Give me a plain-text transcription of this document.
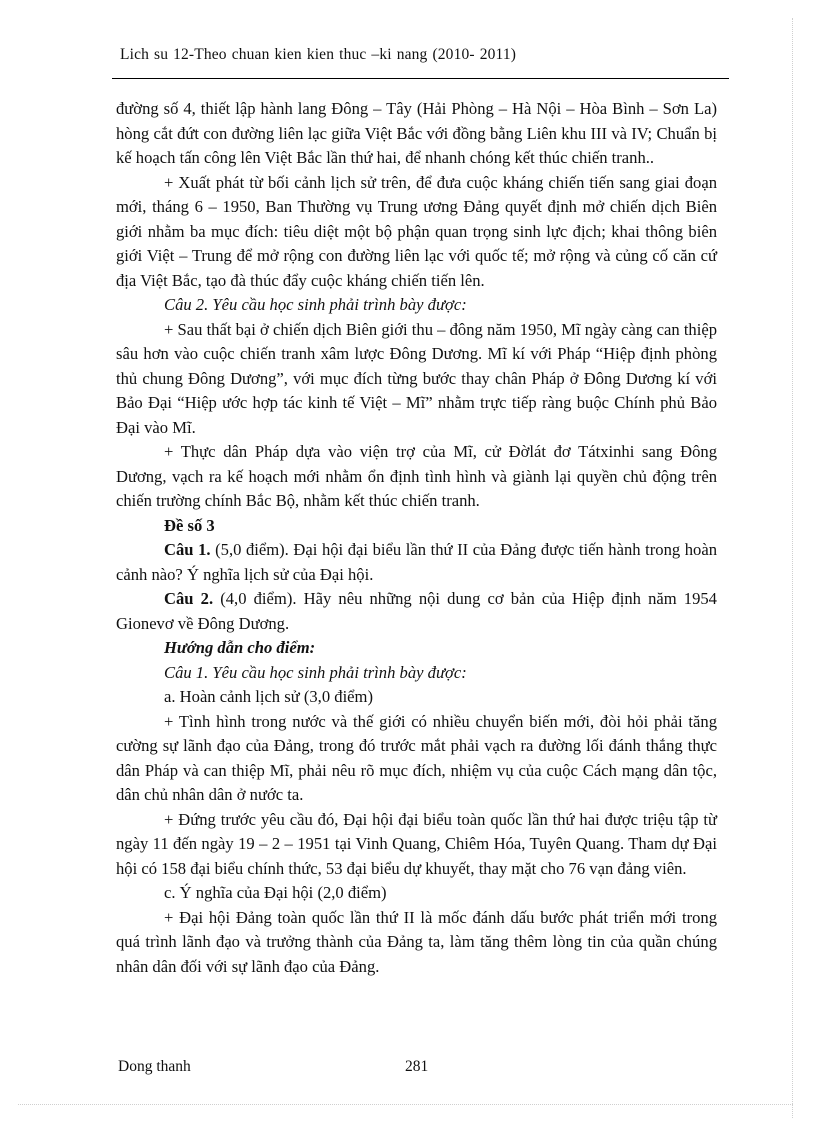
Lich su 12-Theo chuan kien kien thuc –ki nang (2010- 2011)

đường số 4, thiết lập hành lang Đông – Tây (Hải Phòng – Hà Nội – Hòa Bình – Sơn La) hòng cắt đứt con đường liên lạc giữa Việt Bắc với đồng bằng Liên khu III và IV; Chuẩn bị kế hoạch tấn công lên Việt Bắc lần thứ hai, để nhanh chóng kết thúc chiến tranh..

+ Xuất phát từ bối cảnh lịch sử trên, để đưa cuộc kháng chiến tiến sang giai đoạn mới, tháng 6 – 1950, Ban Thường vụ Trung ương Đảng quyết định mở chiến dịch Biên giới nhằm ba mục đích: tiêu diệt một bộ phận quan trọng sinh lực địch; khai thông biên giới Việt – Trung để mở rộng con đường liên lạc với quốc tế; mở rộng và củng cố căn cứ địa Việt Bắc, tạo đà thúc đẩy cuộc kháng chiến tiến lên.

Câu 2. Yêu cầu học sinh phải trình bày được:

+ Sau thất bại ở chiến dịch Biên giới thu – đông năm 1950, Mĩ ngày càng can thiệp sâu hơn vào cuộc chiến tranh xâm lược Đông Dương. Mĩ kí với Pháp “Hiệp định phòng thủ chung Đông Dương”, với mục đích từng bước thay chân Pháp ở Đông Dương kí với Bảo Đại “Hiệp ước hợp tác kinh tế Việt – Mĩ” nhằm trực tiếp ràng buộc Chính phủ Bảo Đại vào Mĩ.

+ Thực dân Pháp dựa vào viện trợ của Mĩ, cử Đờlát đơ Tátxinhi sang Đông Dương, vạch ra kế hoạch mới nhằm ổn định tình hình và giành lại quyền chủ động trên chiến trường chính Bắc Bộ, nhằm kết thúc chiến tranh.

Đề số 3

Câu 1. (5,0 điểm). Đại hội đại biểu lần thứ II của Đảng được tiến hành trong hoàn cảnh nào? Ý nghĩa lịch sử của Đại hội.

Câu 2. (4,0 điểm). Hãy nêu những nội dung cơ bản của Hiệp định năm 1954 Gionevơ về Đông Dương.

Hướng dẫn cho điểm:

Câu 1. Yêu cầu học sinh phải trình bày được:

a. Hoàn cảnh lịch sử (3,0 điểm)

+ Tình hình trong nước và thế giới có nhiều chuyển biến mới, đòi hỏi phải tăng cường sự lãnh đạo của Đảng, trong đó trước mắt phải vạch ra đường lối đánh thắng thực dân Pháp và can thiệp Mĩ, phải nêu rõ mục đích, nhiệm vụ của cuộc Cách mạng dân tộc, dân chủ nhân dân ở nước ta.

+ Đứng trước yêu cầu đó, Đại hội đại biểu toàn quốc lần thứ hai được triệu tập từ ngày 11 đến ngày 19 – 2 – 1951 tại Vinh Quang, Chiêm Hóa, Tuyên Quang. Tham dự Đại hội có 158 đại biểu chính thức, 53 đại biểu dự khuyết, thay mặt cho 76 vạn đảng viên.

c. Ý nghĩa của Đại hội (2,0 điểm)

+ Đại hội Đảng toàn quốc lần thứ II là mốc đánh dấu bước phát triển mới trong quá trình lãnh đạo và trưởng thành của Đảng ta, làm tăng thêm lòng tin của quần chúng nhân dân đối với sự lãnh đạo của Đảng.

Dong thanh	281
